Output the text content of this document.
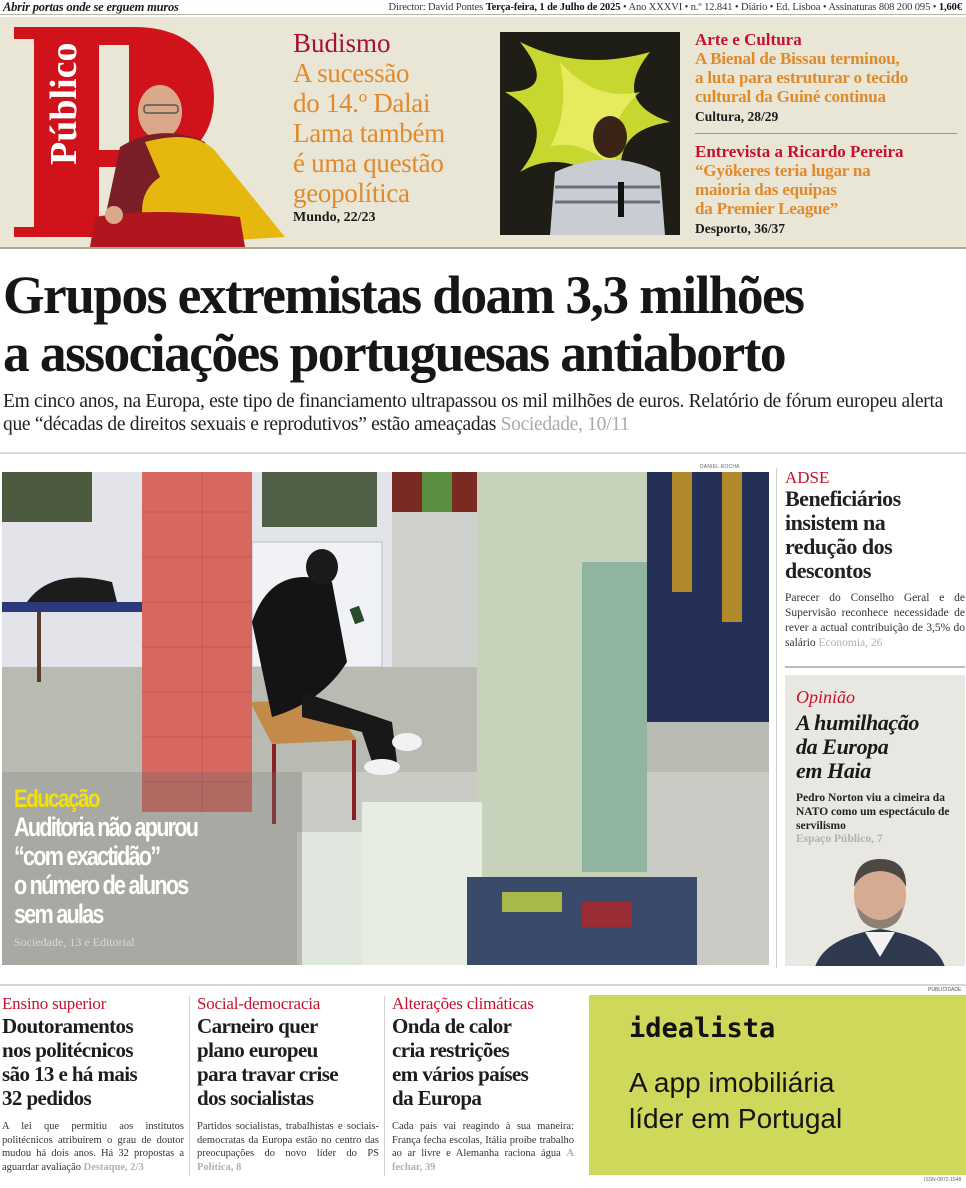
Abrir portas onde se erguem muros	Director: David Pontes Terça-feira, 1 de Julho de 2025 • Ano XXXVI • n.º 12.841 • Diário • Ed. Lisboa • Assinaturas 808 200 095 • 1,60€
Público	Budismo
A sucessão
do 14.º Dalai
Lama também
é uma questão
geopolítica
Mundo, 22/23
Arte e Cultura
A Bienal de Bissau terminou,
a luta para estruturar o tecido
cultural da Guiné continua
Cultura, 28/29
Entrevista a Ricardo Pereira
“Gyökeres teria lugar na
maioria das equipas
da Premier League”
Desporto, 36/37
Grupos extremistas doam 3,3 milhões
a associações portuguesas antiaborto

Em cinco anos, na Europa, este tipo de financiamento ultrapassou os mil milhões de euros. Relatório de fórum europeu alerta que “décadas de direitos sexuais e reprodutivos” estão ameaçadas Sociedade, 10/11

DANIEL ROCHA
Educação
Auditoria não apurou
“com exactidão”
o número de alunos
sem aulas
Sociedade, 13 e Editorial
ADSE
Beneficiários
insistem na
redução dos
descontos

Parecer do Conselho Geral e de Supervisão reconhece necessidade de rever a actual contribuição de 3,5% do salário Economia, 26

Opinião
A humilhação
da Europa
em Haia

Pedro Norton viu a cimeira da NATO como um espectáculo de servilismo

Espaço Público, 7
Ensino superior
Doutoramentos
nos politécnicos
são 13 e há mais
32 pedidos

A lei que permitiu aos institutos politécnicos atribuírem o grau de doutor mudou há dois anos. Há 32 propostas a aguardar avaliação Destaque, 2/3

Social-democracia
Carneiro quer
plano europeu
para travar crise
dos socialistas

Partidos socialistas, trabalhistas e sociais-democratas da Europa estão no centro das preocupações do novo líder do PS Política, 8

Alterações climáticas
Onda de calor
cria restrições
em vários países
da Europa

Cada país vai reagindo à sua maneira: França fecha escolas, Itália proíbe trabalho ao ar livre e Alemanha raciona água A fechar, 39

PUBLICIDADE
idealista
A app imobiliária
líder em Portugal
ISSN-0872-1548
